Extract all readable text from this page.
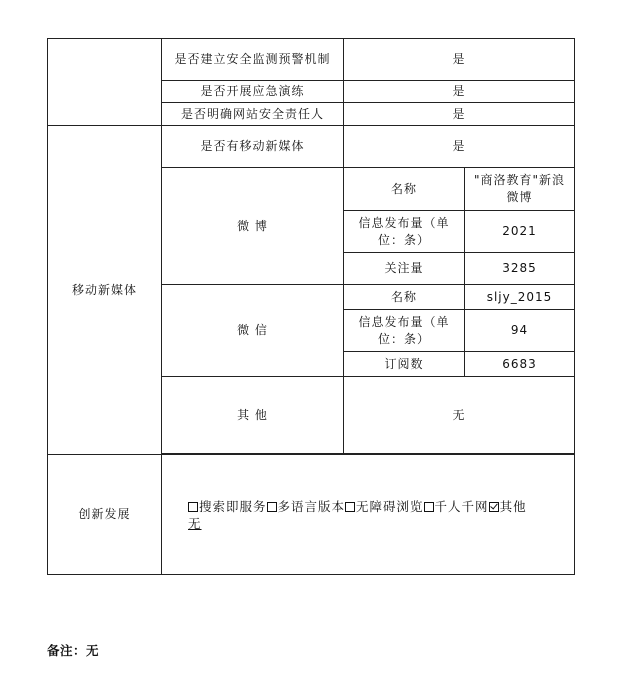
	是否建立安全监测预警机制	是	
	是否开展应急演练	是	
	是否明确网站安全责任人	是	
移动新媒体	是否有移动新媒体	是	
	微 博	名称	"商洛教育"新浪微博
		信息发布量（单位：条）	2021
		关注量	3285
	微 信	名称	sljy_2015
		信息发布量（单位：条）	94
		订阅数	6683
	其 他	无	

创新发展	搜索即服务 多语言版本 无障碍浏览 千人千网 其他
无		
备注：无
